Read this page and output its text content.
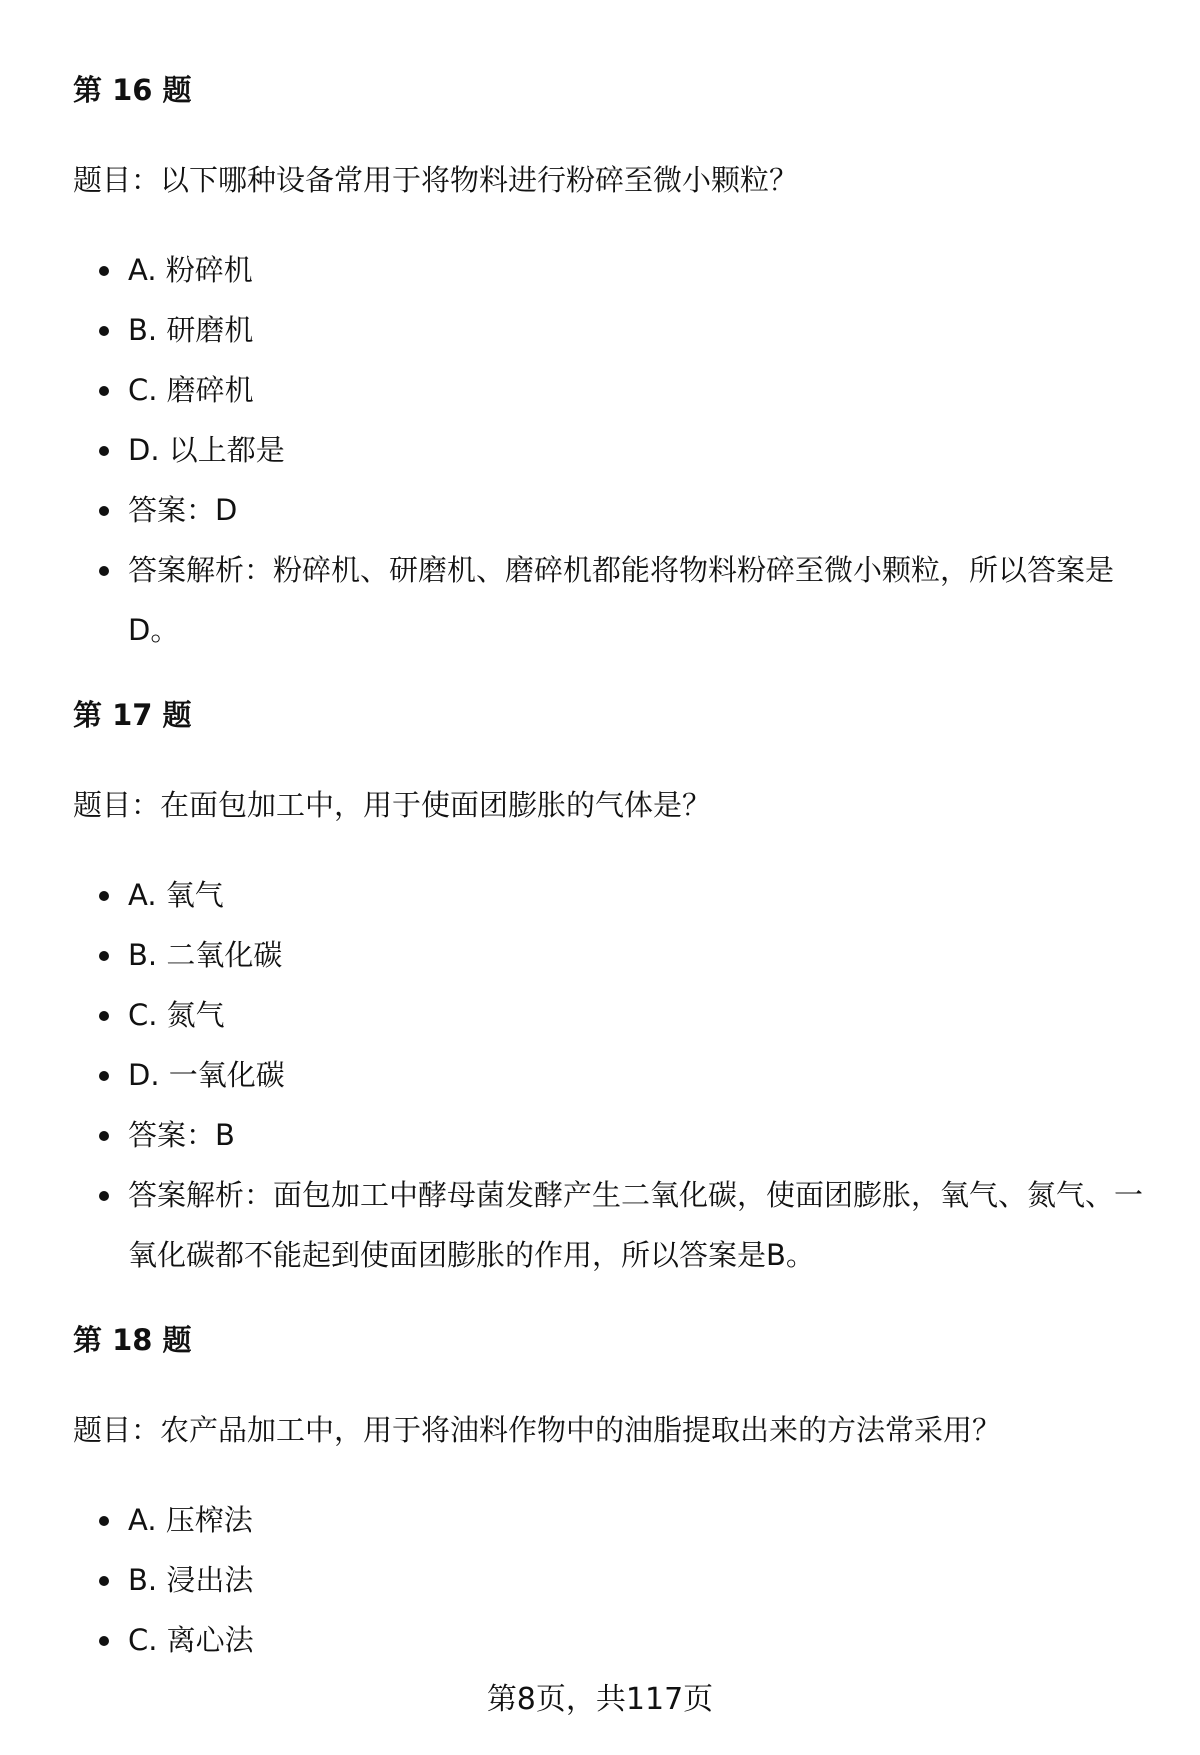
第 16 题

题目：以下哪种设备常用于将物料进行粉碎至微小颗粒？

A. 粉碎机
B. 研磨机
C. 磨碎机
D. 以上都是
答案：D
答案解析：粉碎机、研磨机、磨碎机都能将物料粉碎至微小颗粒，所以答案是D。
第 17 题

题目：在面包加工中，用于使面团膨胀的气体是？

A. 氧气
B. 二氧化碳
C. 氮气
D. 一氧化碳
答案：B
答案解析：面包加工中酵母菌发酵产生二氧化碳，使面团膨胀，氧气、氮气、一氧化碳都不能起到使面团膨胀的作用，所以答案是B。
第 18 题

题目：农产品加工中，用于将油料作物中的油脂提取出来的方法常采用？

A. 压榨法
B. 浸出法
C. 离心法
第8页，共117页
